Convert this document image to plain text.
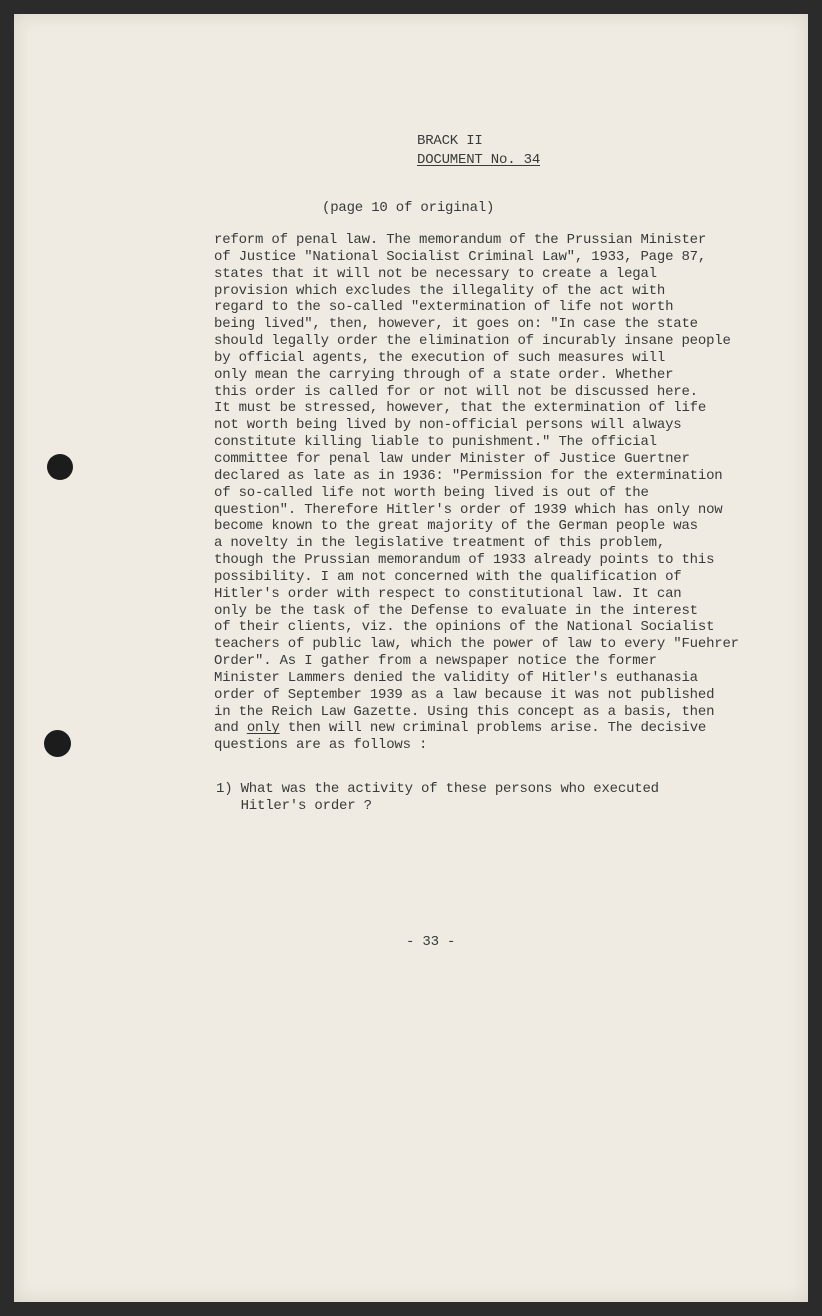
BRACK II
DOCUMENT No. 34
(page 10 of original)
reform of penal law. The memorandum of the Prussian Minister
of Justice "National Socialist Criminal Law", 1933, Page 87,
states that it will not be necessary to create a legal
provision which excludes the illegality of the act with
regard to the so-called "extermination of life not worth
being lived", then, however, it goes on: "In case the state
should legally order the elimination of incurably insane people
by official agents, the execution of such measures will
only mean the carrying through of a state order. Whether
this order is called for or not will not be discussed here.
It must be stressed, however, that the extermination of life
not worth being lived by non-official persons will always
constitute killing liable to punishment." The official
committee for penal law under Minister of Justice Guertner
declared as late as in 1936: "Permission for the extermination
of so-called life not worth being lived is out of the
question". Therefore Hitler's order of 1939 which has only now
become known to the great majority of the German people was
a novelty in the legislative treatment of this problem,
though the Prussian memorandum of 1933 already points to this
possibility. I am not concerned with the qualification of
Hitler's order with respect to constitutional law. It can
only be the task of the Defense to evaluate in the interest
of their clients, viz. the opinions of the National Socialist
teachers of public law, which the power of law to every "Fuehrer
Order". As I gather from a newspaper notice the former
Minister Lammers denied the validity of Hitler's euthanasia
order of September 1939 as a law because it was not published
in the Reich Law Gazette. Using this concept as a basis, then
and only then will new criminal problems arise. The decisive
questions are as follows :
1) What was the activity of these persons who executed
Hitler's order ?
- 33 -
